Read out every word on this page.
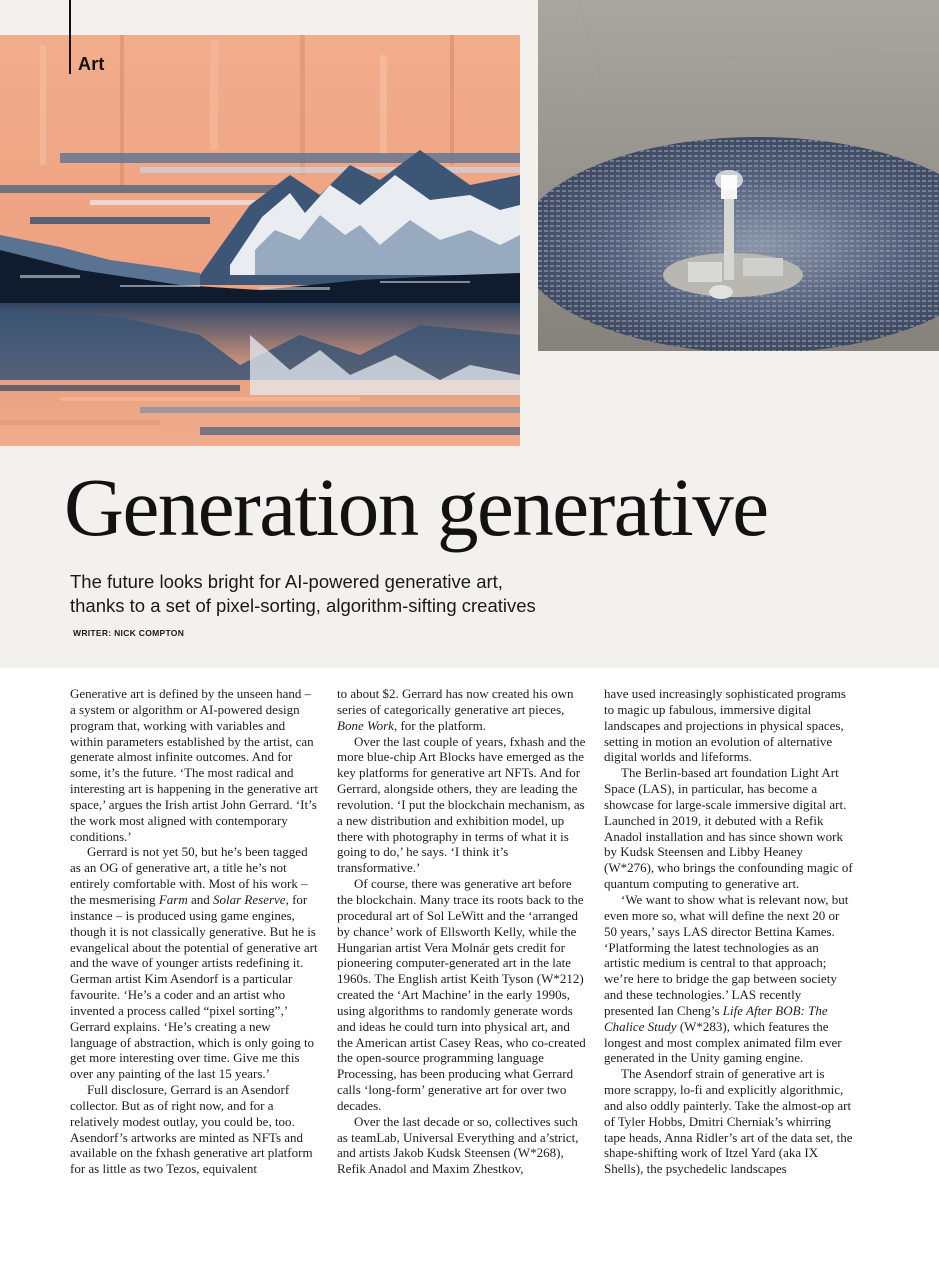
Art
Generation generative

The future looks bright for AI-powered generative art,
thanks to a set of pixel-sorting, algorithm-sifting creatives

WRITER: NICK COMPTON

Generative art is defined by the unseen hand – a system or algorithm or AI-powered design program that, working with variables and within parameters established by the artist, can generate almost infinite outcomes. And for some, it’s the future. ‘The most radical and interesting art is happening in the generative art space,’ argues the Irish artist John Gerrard. ‘It’s the work most aligned with contemporary conditions.’

Gerrard is not yet 50, but he’s been tagged as an OG of generative art, a title he’s not entirely comfortable with. Most of his work – the mesmerising Farm and Solar Reserve, for instance – is produced using game engines, though it is not classically generative. But he is evangelical about the potential of generative art and the wave of younger artists redefining it. German artist Kim Asendorf is a particular favourite. ‘He’s a coder and an artist who invented a process called “pixel sorting”,’ Gerrard explains. ‘He’s creating a new language of abstraction, which is only going to get more interesting over time. Give me this over any painting of the last 15 years.’

Full disclosure, Gerrard is an Asendorf collector. But as of right now, and for a relatively modest outlay, you could be, too. Asendorf’s artworks are minted as NFTs and available on the fxhash generative art platform for as little as two Tezos, equivalent

to about $2. Gerrard has now created his own series of categorically generative art pieces, Bone Work, for the platform.

Over the last couple of years, fxhash and the more blue-chip Art Blocks have emerged as the key platforms for generative art NFTs. And for Gerrard, alongside others, they are leading the revolution. ‘I put the blockchain mechanism, as a new distribution and exhibition model, up there with photography in terms of what it is going to do,’ he says. ‘I think it’s transformative.’

Of course, there was generative art before the blockchain. Many trace its roots back to the procedural art of Sol LeWitt and the ‘arranged by chance’ work of Ellsworth Kelly, while the Hungarian artist Vera Molnár gets credit for pioneering computer-generated art in the late 1960s. The English artist Keith Tyson (W*212) created the ‘Art Machine’ in the early 1990s, using algorithms to randomly generate words and ideas he could turn into physical art, and the American artist Casey Reas, who co-created the open-source programming language Processing, has been producing what Gerrard calls ‘long-form’ generative art for over two decades.

Over the last decade or so, collectives such as teamLab, Universal Everything and a’strict, and artists Jakob Kudsk Steensen (W*268), Refik Anadol and Maxim Zhestkov,

have used increasingly sophisticated programs to magic up fabulous, immersive digital landscapes and projections in physical spaces, setting in motion an evolution of alternative digital worlds and lifeforms.

The Berlin-based art foundation Light Art Space (LAS), in particular, has become a showcase for large-scale immersive digital art. Launched in 2019, it debuted with a Refik Anadol installation and has since shown work by Kudsk Steensen and Libby Heaney (W*276), who brings the confounding magic of quantum computing to generative art.

‘We want to show what is relevant now, but even more so, what will define the next 20 or 50 years,’ says LAS director Bettina Kames. ‘Platforming the latest technologies as an artistic medium is central to that approach; we’re here to bridge the gap between society and these technologies.’ LAS recently presented Ian Cheng’s Life After BOB: The Chalice Study (W*283), which features the longest and most complex animated film ever generated in the Unity gaming engine.

The Asendorf strain of generative art is more scrappy, lo-fi and explicitly algorithmic, and also oddly painterly. Take the almost-op art of Tyler Hobbs, Dmitri Cherniak’s whirring tape heads, Anna Ridler’s art of the data set, the shape-shifting work of Itzel Yard (aka IX Shells), the psychedelic landscapes
